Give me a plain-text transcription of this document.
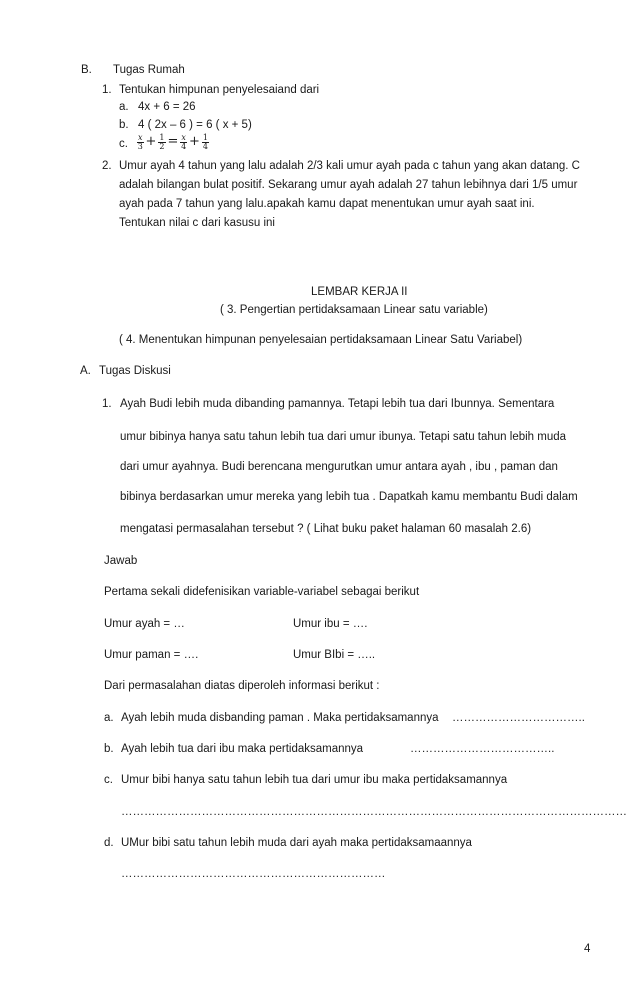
B. Tugas Rumah
1. Tentukan himpunan penyelesaiand dari
a. 4x + 6 = 26
b. 4 ( 2x – 6 ) = 6 ( x + 5)
c. $\frac{x}{3} + \frac{1}{2} = \frac{x}{4} + \frac{1}{4}$
2. Umur ayah 4 tahun yang lalu adalah 2/3 kali umur ayah pada c tahun yang akan datang. C
adalah bilangan bulat positif. Sekarang umur ayah adalah 27 tahun lebihnya dari 1/5 umur
ayah pada 7 tahun yang lalu.apakah kamu dapat menentukan umur ayah saat ini.
Tentukan nilai c dari kasusu ini
LEMBAR KERJA II
( 3. Pengertian pertidaksamaan Linear satu variable)
( 4. Menentukan himpunan penyelesaian pertidaksamaan Linear Satu Variabel)
A. Tugas Diskusi
1. Ayah Budi lebih muda dibanding pamannya. Tetapi lebih tua dari Ibunnya. Sementara
umur bibinya hanya satu tahun lebih tua dari umur ibunya. Tetapi satu tahun lebih muda
dari umur ayahnya. Budi berencana mengurutkan umur antara ayah , ibu , paman dan
bibinya berdasarkan umur mereka yang lebih tua . Dapatkah kamu membantu Budi dalam
mengatasi permasalahan tersebut ? ( Lihat buku paket halaman 60 masalah 2.6)
Jawab
Pertama sekali didefenisikan variable-variabel sebagai berikut
Umur ayah = …	Umur ibu = ….
Umur paman = ….	Umur BIbi = …..
Dari permasalahan diatas diperoleh informasi berikut :
a. Ayah lebih muda disbanding paman . Maka pertidaksamannya ……………………………..
b. Ayah lebih tua dari ibu maka pertidaksamannya	………………………………..
c. Umur bibi hanya satu tahun lebih tua dari umur ibu maka pertidaksamannya
……………………………………………………………………………………………………………………
d. UMur bibi satu tahun lebih muda dari ayah maka pertidaksamaannya
……………………………………………………………
4
